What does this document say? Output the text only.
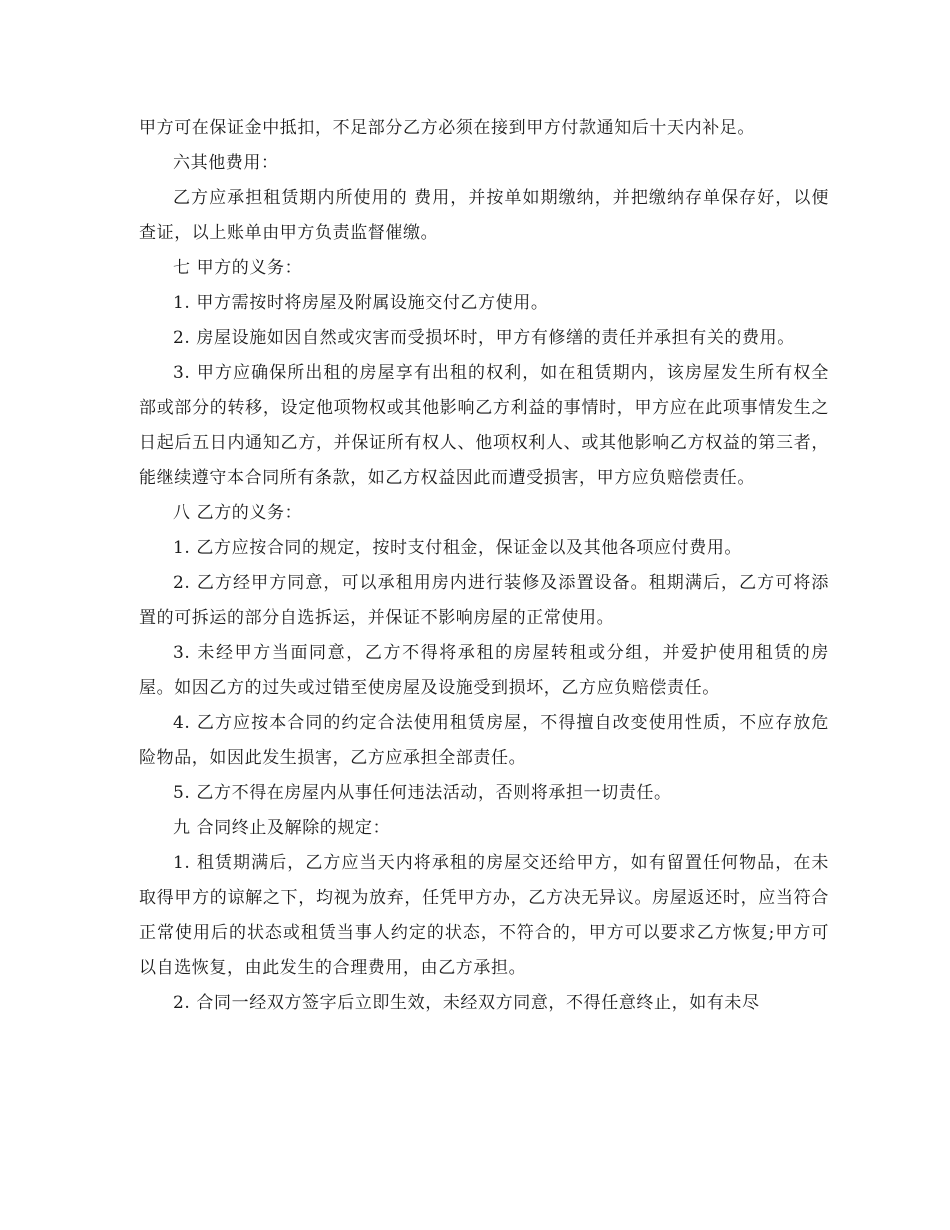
甲方可在保证金中抵扣，不足部分乙方必须在接到甲方付款通知后十天内补足。

六其他费用：

乙方应承担租赁期内所使用的 费用，并按单如期缴纳，并把缴纳存单保存好，以便查证，以上账单由甲方负责监督催缴。

七 甲方的义务：

1. 甲方需按时将房屋及附属设施交付乙方使用。

2. 房屋设施如因自然或灾害而受损坏时，甲方有修缮的责任并承担有关的费用。

3. 甲方应确保所出租的房屋享有出租的权利，如在租赁期内，该房屋发生所有权全部或部分的转移，设定他项物权或其他影响乙方利益的事情时，甲方应在此项事情发生之日起后五日内通知乙方，并保证所有权人、他项权利人、或其他影响乙方权益的第三者，能继续遵守本合同所有条款，如乙方权益因此而遭受损害，甲方应负赔偿责任。

八 乙方的义务：

1. 乙方应按合同的规定，按时支付租金，保证金以及其他各项应付费用。

2. 乙方经甲方同意，可以承租用房内进行装修及添置设备。租期满后，乙方可将添置的可拆运的部分自选拆运，并保证不影响房屋的正常使用。

3. 未经甲方当面同意，乙方不得将承租的房屋转租或分组，并爱护使用租赁的房屋。如因乙方的过失或过错至使房屋及设施受到损坏，乙方应负赔偿责任。

4. 乙方应按本合同的约定合法使用租赁房屋，不得擅自改变使用性质，不应存放危险物品，如因此发生损害，乙方应承担全部责任。

5. 乙方不得在房屋内从事任何违法活动，否则将承担一切责任。

九 合同终止及解除的规定：

1. 租赁期满后，乙方应当天内将承租的房屋交还给甲方，如有留置任何物品，在未取得甲方的谅解之下，均视为放弃，任凭甲方办，乙方决无异议。房屋返还时，应当符合正常使用后的状态或租赁当事人约定的状态，不符合的，甲方可以要求乙方恢复;甲方可以自选恢复，由此发生的合理费用，由乙方承担。

2. 合同一经双方签字后立即生效，未经双方同意，不得任意终止，如有未尽
